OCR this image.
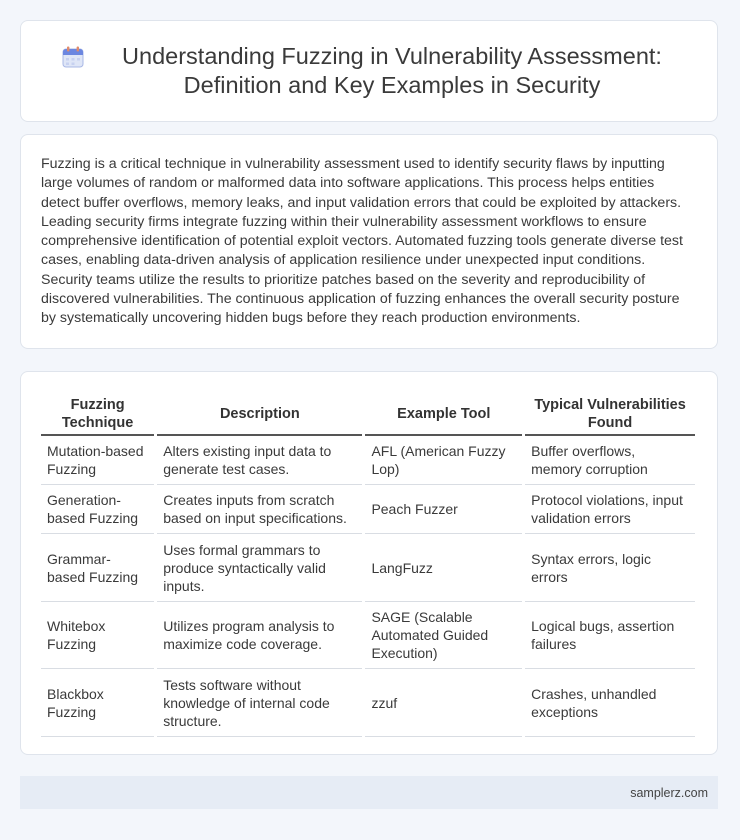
Understanding Fuzzing in Vulnerability Assessment: Definition and Key Examples in Security

Fuzzing is a critical technique in vulnerability assessment used to identify security flaws by inputting large volumes of random or malformed data into software applications. This process helps entities detect buffer overflows, memory leaks, and input validation errors that could be exploited by attackers. Leading security firms integrate fuzzing within their vulnerability assessment workflows to ensure comprehensive identification of potential exploit vectors. Automated fuzzing tools generate diverse test cases, enabling data-driven analysis of application resilience under unexpected input conditions. Security teams utilize the results to prioritize patches based on the severity and reproducibility of discovered vulnerabilities. The continuous application of fuzzing enhances the overall security posture by systematically uncovering hidden bugs before they reach production environments.

Fuzzing Technique	Description	Example Tool	Typical Vulnerabilities Found
Mutation-based Fuzzing	Alters existing input data to generate test cases.	AFL (American Fuzzy Lop)	Buffer overflows, memory corruption
Generation-based Fuzzing	Creates inputs from scratch based on input specifications.	Peach Fuzzer	Protocol violations, input validation errors
Grammar-based Fuzzing	Uses formal grammars to produce syntactically valid inputs.	LangFuzz	Syntax errors, logic errors
Whitebox Fuzzing	Utilizes program analysis to maximize code coverage.	SAGE (Scalable Automated Guided Execution)	Logical bugs, assertion failures
Blackbox Fuzzing	Tests software without knowledge of internal code structure.	zzuf	Crashes, unhandled exceptions
samplerz.com
